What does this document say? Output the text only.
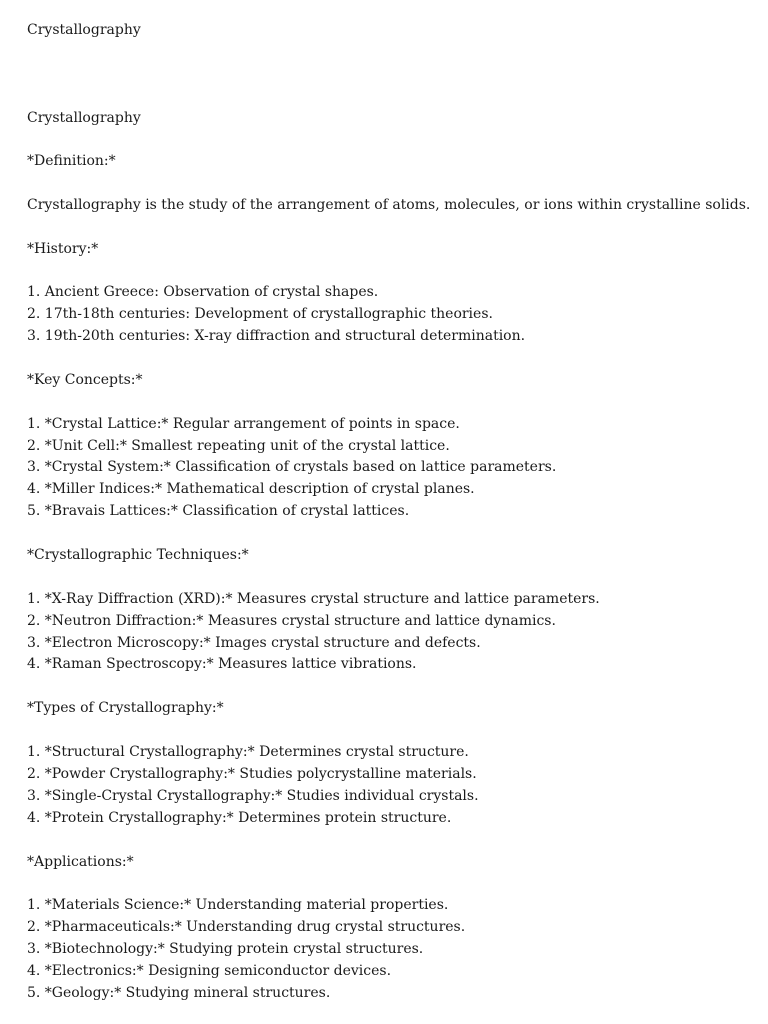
Crystallography
Crystallography
*Definition:*
Crystallography is the study of the arrangement of atoms, molecules, or ions within crystalline solids.
*History:*
1. Ancient Greece: Observation of crystal shapes.
2. 17th-18th centuries: Development of crystallographic theories.
3. 19th-20th centuries: X-ray diffraction and structural determination.
*Key Concepts:*
1. *Crystal Lattice:* Regular arrangement of points in space.
2. *Unit Cell:* Smallest repeating unit of the crystal lattice.
3. *Crystal System:* Classification of crystals based on lattice parameters.
4. *Miller Indices:* Mathematical description of crystal planes.
5. *Bravais Lattices:* Classification of crystal lattices.
*Crystallographic Techniques:*
1. *X-Ray Diffraction (XRD):* Measures crystal structure and lattice parameters.
2. *Neutron Diffraction:* Measures crystal structure and lattice dynamics.
3. *Electron Microscopy:* Images crystal structure and defects.
4. *Raman Spectroscopy:* Measures lattice vibrations.
*Types of Crystallography:*
1. *Structural Crystallography:* Determines crystal structure.
2. *Powder Crystallography:* Studies polycrystalline materials.
3. *Single-Crystal Crystallography:* Studies individual crystals.
4. *Protein Crystallography:* Determines protein structure.
*Applications:*
1. *Materials Science:* Understanding material properties.
2. *Pharmaceuticals:* Understanding drug crystal structures.
3. *Biotechnology:* Studying protein crystal structures.
4. *Electronics:* Designing semiconductor devices.
5. *Geology:* Studying mineral structures.
